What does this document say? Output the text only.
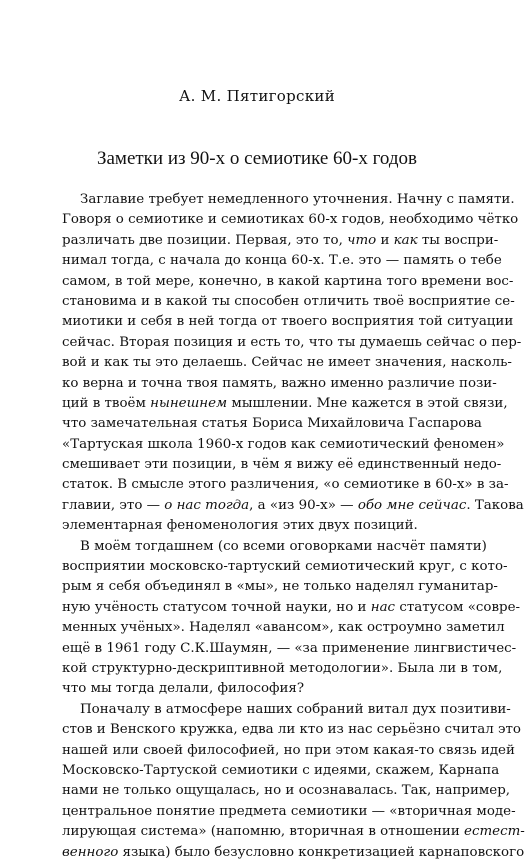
А. М. Пятигорский
Заметки из 90-х о семиотике 60-х годов
Заглавие требует немедленного уточнения. Начну с памяти.
Говоря о семиотике и семиотиках 60-х годов, необходимо чётко
различать две позиции. Первая, это то, что и как ты воспри-
нимал тогда, с начала до конца 60-х. Т.е. это — память о тебе
самом, в той мере, конечно, в какой картина того времени вос-
становима и в какой ты способен отличить твоё восприятие се-
миотики и себя в ней тогда от твоего восприятия той ситуации
сейчас. Вторая позиция и есть то, что ты думаешь сейчас о пер-
вой и как ты это делаешь. Сейчас не имеет значения, насколь-
ко верна и точна твоя память, важно именно различие пози-
ций в твоём нынешнем мышлении. Мне кажется в этой связи,
что замечательная статья Бориса Михайловича Гаспарова
«Тартуская школа 1960-х годов как семиотический феномен»
смешивает эти позиции, в чём я вижу её единственный недо-
статок. В смысле этого различения, «о семиотике в 60-х» в за-
главии, это — о нас тогда, а «из 90-х» — обо мне сейчас. Такова
элементарная феноменология этих двух позиций.
В моём тогдашнем (со всеми оговорками насчёт памяти)
восприятии московско-тартуский семиотический круг, с кото-
рым я себя объединял в «мы», не только наделял гуманитар-
ную учёность статусом точной науки, но и нас статусом «совре-
менных учёных». Наделял «авансом», как остроумно заметил
ещё в 1961 году С.К.Шаумян, — «за применение лингвистичес-
кой структурно-дескриптивной методологии». Была ли в том,
что мы тогда делали, философия?
Поначалу в атмосфере наших собраний витал дух позитиви-
стов и Венского кружка, едва ли кто из нас серьёзно считал это
нашей или своей философией, но при этом какая-то связь идей
Московско-Тартуской семиотики с идеями, скажем, Карнапа
нами не только ощущалась, но и осознавалась. Так, например,
центральное понятие предмета семиотики — «вторичная моде-
лирующая система» (напомню, вторичная в отношении естест-
венного языка) было безусловно конкретизацией карнаповского
